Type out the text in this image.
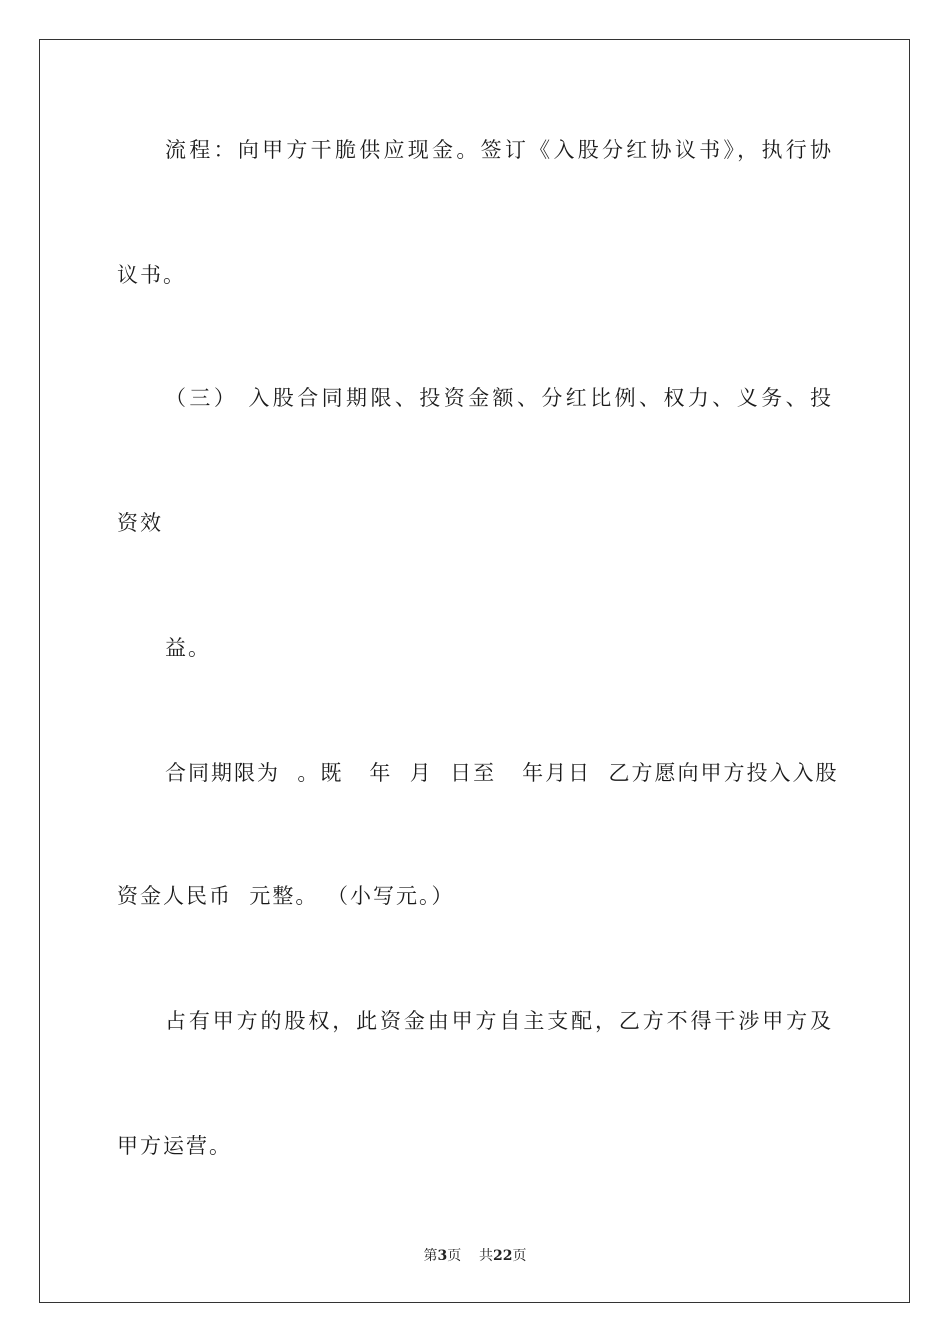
流程：向甲方干脆供应现金。签订《入股分红协议书》，执行协
议书。
（三） 入股合同期限、投资金额、分红比例、权力、义务、投
资效
益。
合同期限为  。既   年  月  日至   年月日  乙方愿向甲方投入入股
资金人民币  元整。 （小写元。）
占有甲方的股权，此资金由甲方自主支配，乙方不得干涉甲方及
甲方运营。
第3页 共22页
